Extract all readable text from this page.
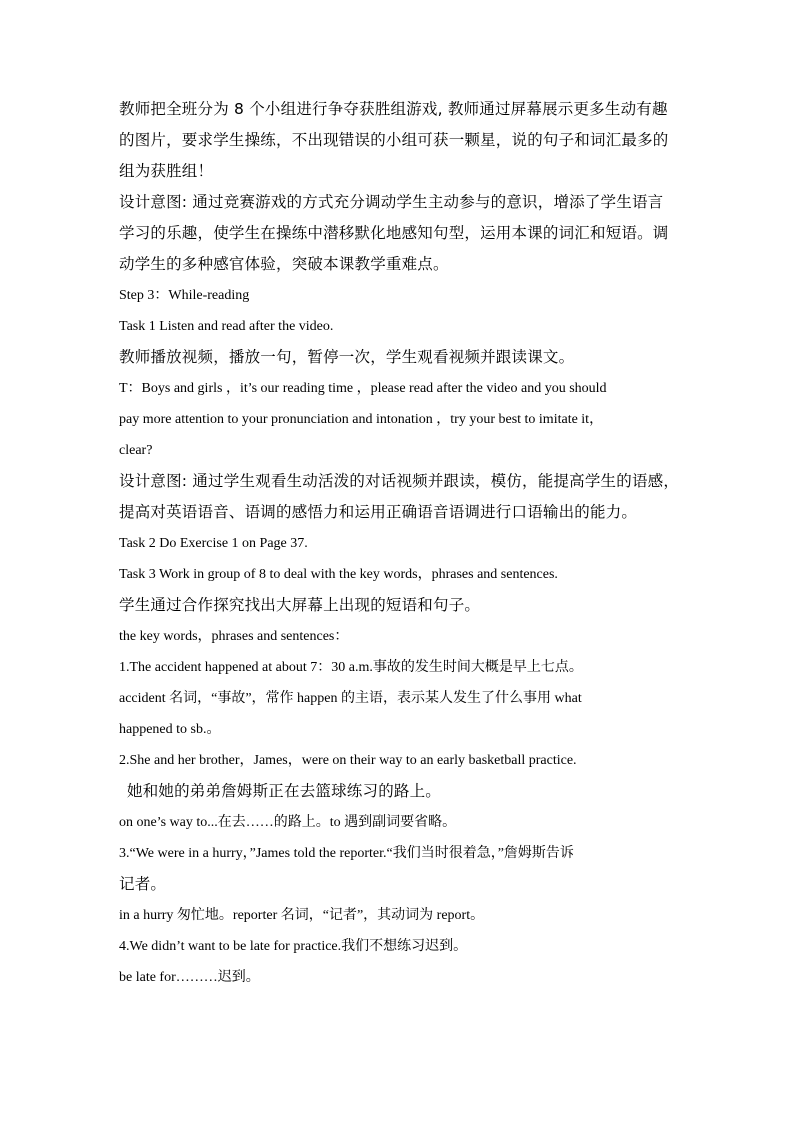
教师把全班分为 8 个小组进行争夺获胜组游戏, 教师通过屏幕展示更多生动有趣

的图片，要求学生操练，不出现错误的小组可获一颗星，说的句子和词汇最多的

组为获胜组！

设计意图: 通过竞赛游戏的方式充分调动学生主动参与的意识，增添了学生语言

学习的乐趣，使学生在操练中潜移默化地感知句型，运用本课的词汇和短语。调

动学生的多种感官体验，突破本课教学重难点。

Step 3：While-reading

Task 1 Listen and read after the video.

教师播放视频，播放一句，暂停一次，学生观看视频并跟读课文。

T：Boys and girls ，it’s our reading time ，please read after the video and you should

pay more attention to your pronunciation and intonation ，try your best to imitate it，

clear?

设计意图: 通过学生观看生动活泼的对话视频并跟读，模仿，能提高学生的语感，

提高对英语语音、语调的感悟力和运用正确语音语调进行口语输出的能力。

Task 2 Do Exercise 1 on Page 37.

Task 3 Work in group of 8 to deal with the key words，phrases and sentences.

学生通过合作探究找出大屏幕上出现的短语和句子。

the key words，phrases and sentences：

1.The accident happened at about 7：30 a.m.事故的发生时间大概是早上七点。

accident 名词，“事故”，常作 happen 的主语，表示某人发生了什么事用 what

happened to sb.。

2.She and her brother，James，were on their way to an early basketball practice.

她和她的弟弟詹姆斯正在去篮球练习的路上。

on one’s way to...在去……的路上。to 遇到副词要省略。

3.“We were in a hurry，”James told the reporter.“我们当时很着急，”詹姆斯告诉

记者。

in a hurry 匆忙地。reporter 名词，“记者”，其动词为 report。

4.We didn’t want to be late for practice.我们不想练习迟到。

be late for………迟到。
